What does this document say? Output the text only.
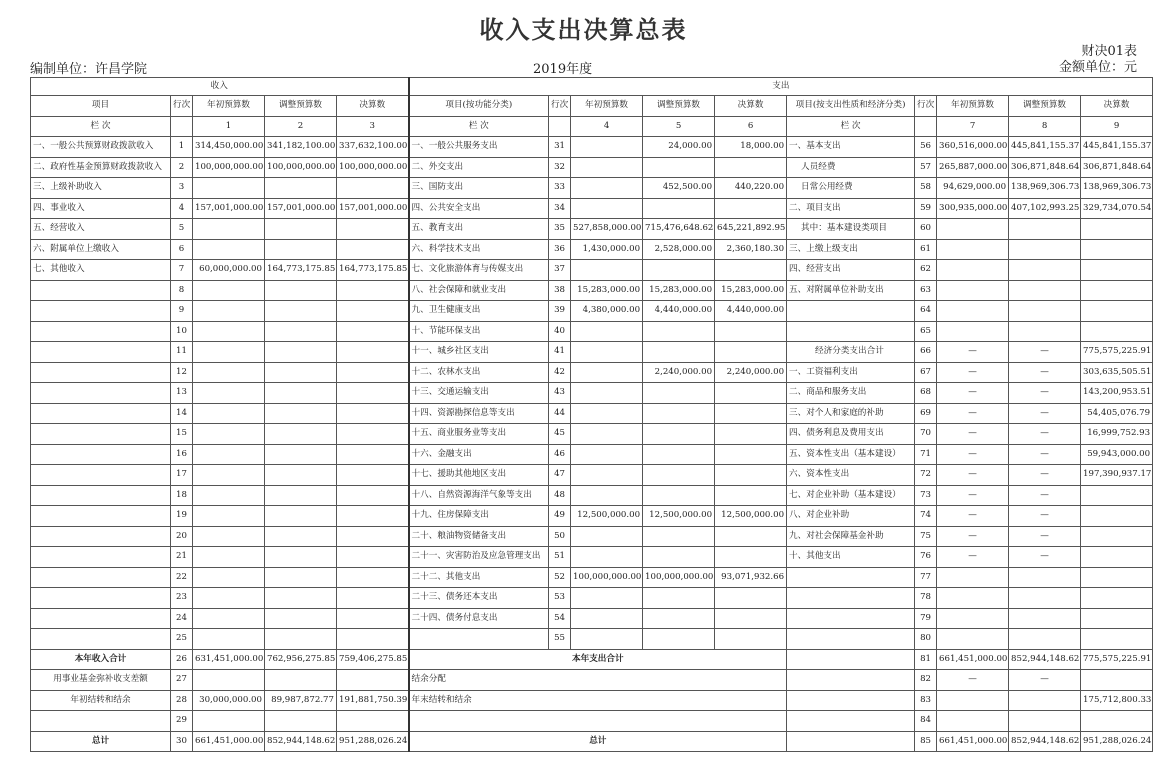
收入支出决算总表
财决01表
编制单位：许昌学院	2019年度	金额单位：元
收入					支出									
项目	行次	年初预算数	调整预算数	决算数	项目(按功能分类)	行次	年初预算数	调整预算数	决算数	项目(按支出性质和经济分类)	行次	年初预算数	调整预算数	决算数
栏 次		1	2	3	栏 次		4	5	6	栏 次		7	8	9
一、一般公共预算财政拨款收入	1	314,450,000.00	341,182,100.00	337,632,100.00	一、一般公共服务支出	31		24,000.00	18,000.00	一、基本支出	56	360,516,000.00	445,841,155.37	445,841,155.37
二、政府性基金预算财政拨款收入	2	100,000,000.00	100,000,000.00	100,000,000.00	二、外交支出	32				人员经费	57	265,887,000.00	306,871,848.64	306,871,848.64
三、上级补助收入	3				三、国防支出	33		452,500.00	440,220.00	日常公用经费	58	94,629,000.00	138,969,306.73	138,969,306.73
四、事业收入	4	157,001,000.00	157,001,000.00	157,001,000.00	四、公共安全支出	34				二、项目支出	59	300,935,000.00	407,102,993.25	329,734,070.54
五、经营收入	5				五、教育支出	35	527,858,000.00	715,476,648.62	645,221,892.95	其中：基本建设类项目	60			
六、附属单位上缴收入	6				六、科学技术支出	36	1,430,000.00	2,528,000.00	2,360,180.30	三、上缴上级支出	61			
七、其他收入	7	60,000,000.00	164,773,175.85	164,773,175.85	七、文化旅游体育与传媒支出	37				四、经营支出	62			
	8				八、社会保障和就业支出	38	15,283,000.00	15,283,000.00	15,283,000.00	五、对附属单位补助支出	63			
	9				九、卫生健康支出	39	4,380,000.00	4,440,000.00	4,440,000.00		64			
	10				十、节能环保支出	40					65			
	11				十一、城乡社区支出	41				经济分类支出合计	66	—	—	775,575,225.91
	12				十二、农林水支出	42		2,240,000.00	2,240,000.00	一、工资福利支出	67	—	—	303,635,505.51
	13				十三、交通运输支出	43				二、商品和服务支出	68	—	—	143,200,953.51
	14				十四、资源勘探信息等支出	44				三、对个人和家庭的补助	69	—	—	54,405,076.79
	15				十五、商业服务业等支出	45				四、债务利息及费用支出	70	—	—	16,999,752.93
	16				十六、金融支出	46				五、资本性支出（基本建设）	71	—	—	59,943,000.00
	17				十七、援助其他地区支出	47				六、资本性支出	72	—	—	197,390,937.17
	18				十八、自然资源海洋气象等支出	48				七、对企业补助（基本建设）	73	—	—	
	19				十九、住房保障支出	49	12,500,000.00	12,500,000.00	12,500,000.00	八、对企业补助	74	—	—	
	20				二十、粮油物资储备支出	50				九、对社会保障基金补助	75	—	—	
	21				二十一、灾害防治及应急管理支出	51				十、其他支出	76	—	—	
	22				二十二、其他支出	52	100,000,000.00	100,000,000.00	93,071,932.66		77			
	23				二十三、债务还本支出	53					78			
	24				二十四、债务付息支出	54					79			
	25					55					80			
本年收入合计	26	631,451,000.00	762,956,275.85	759,406,275.85	本年支出合计						81	661,451,000.00	852,944,148.62	775,575,225.91
用事业基金弥补收支差额	27				结余分配						82	—	—	
年初结转和结余	28	30,000,000.00	89,987,872.77	191,881,750.39	年末结转和结余						83			175,712,800.33
	29										84			
总计	30	661,451,000.00	852,944,148.62	951,288,026.24	总计						85	661,451,000.00	852,944,148.62	951,288,026.24
